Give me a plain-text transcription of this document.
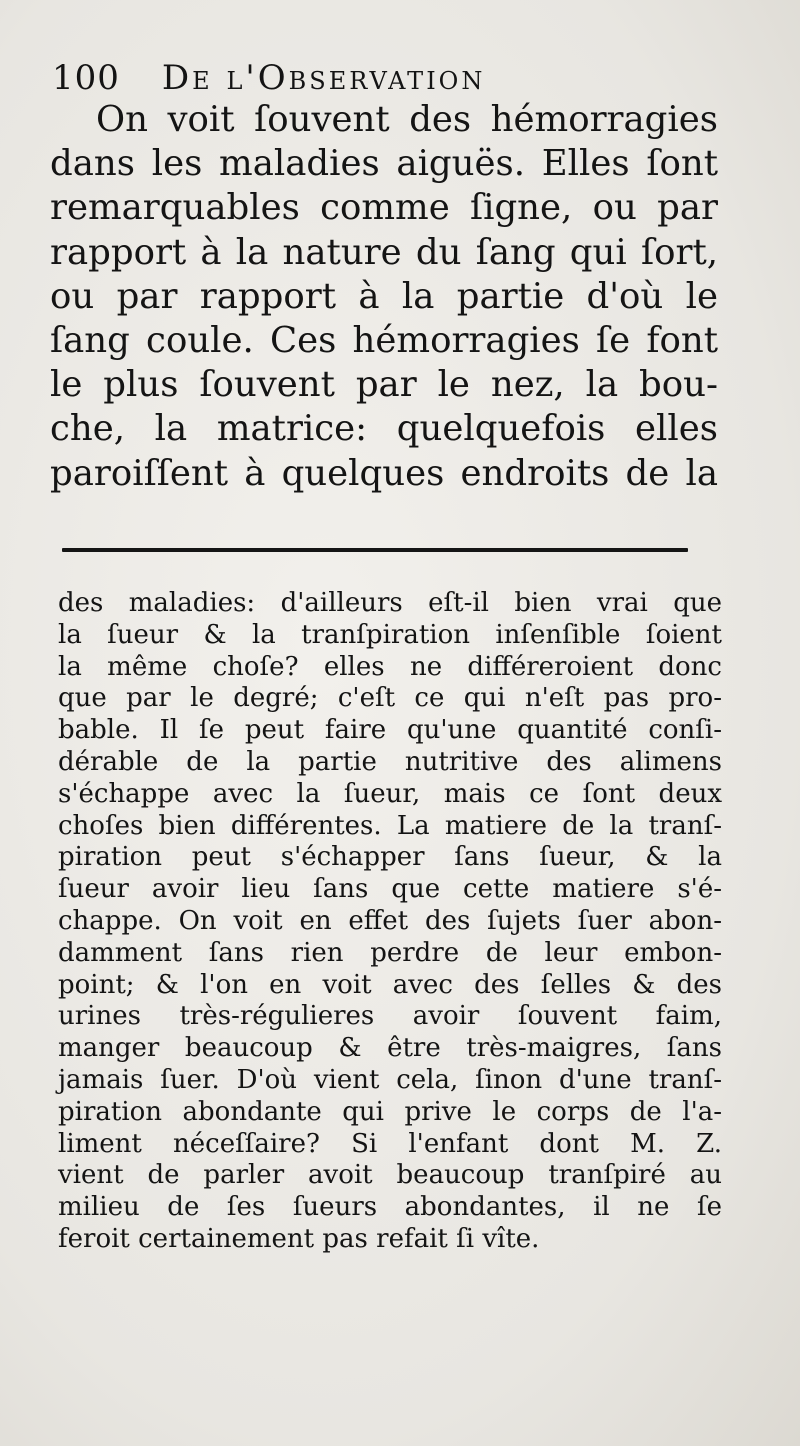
100 De l'Observation
On voit ſouvent des hémorragies
dans les maladies aiguës. Elles ſont
remarquables comme ſigne, ou par
rapport à la nature du ſang qui ſort,
ou par rapport à la partie d'où le
ſang coule. Ces hémorragies ſe font
le plus ſouvent par le nez, la bou-
che, la matrice: quelquefois elles
paroiſſent à quelques endroits de la
des maladies: d'ailleurs eſt-il bien vrai que
la ſueur & la tranſpiration inſenſible ſoient
la même choſe? elles ne différeroient donc
que par le degré; c'eſt ce qui n'eſt pas pro-
bable. Il ſe peut faire qu'une quantité conſi-
dérable de la partie nutritive des alimens
s'échappe avec la ſueur, mais ce ſont deux
choſes bien différentes. La matiere de la tranſ-
piration peut s'échapper ſans ſueur, & la
ſueur avoir lieu ſans que cette matiere s'é-
chappe. On voit en effet des ſujets ſuer abon-
damment ſans rien perdre de leur embon-
point; & l'on en voit avec des ſelles & des
urines très-régulieres avoir ſouvent faim,
manger beaucoup & être très-maigres, ſans
jamais ſuer. D'où vient cela, ſinon d'une tranſ-
piration abondante qui prive le corps de l'a-
liment néceſſaire? Si l'enfant dont M. Z.
vient de parler avoit beaucoup tranſpiré au
milieu de ſes ſueurs abondantes, il ne ſe
feroit certainement pas refait ſi vîte.
